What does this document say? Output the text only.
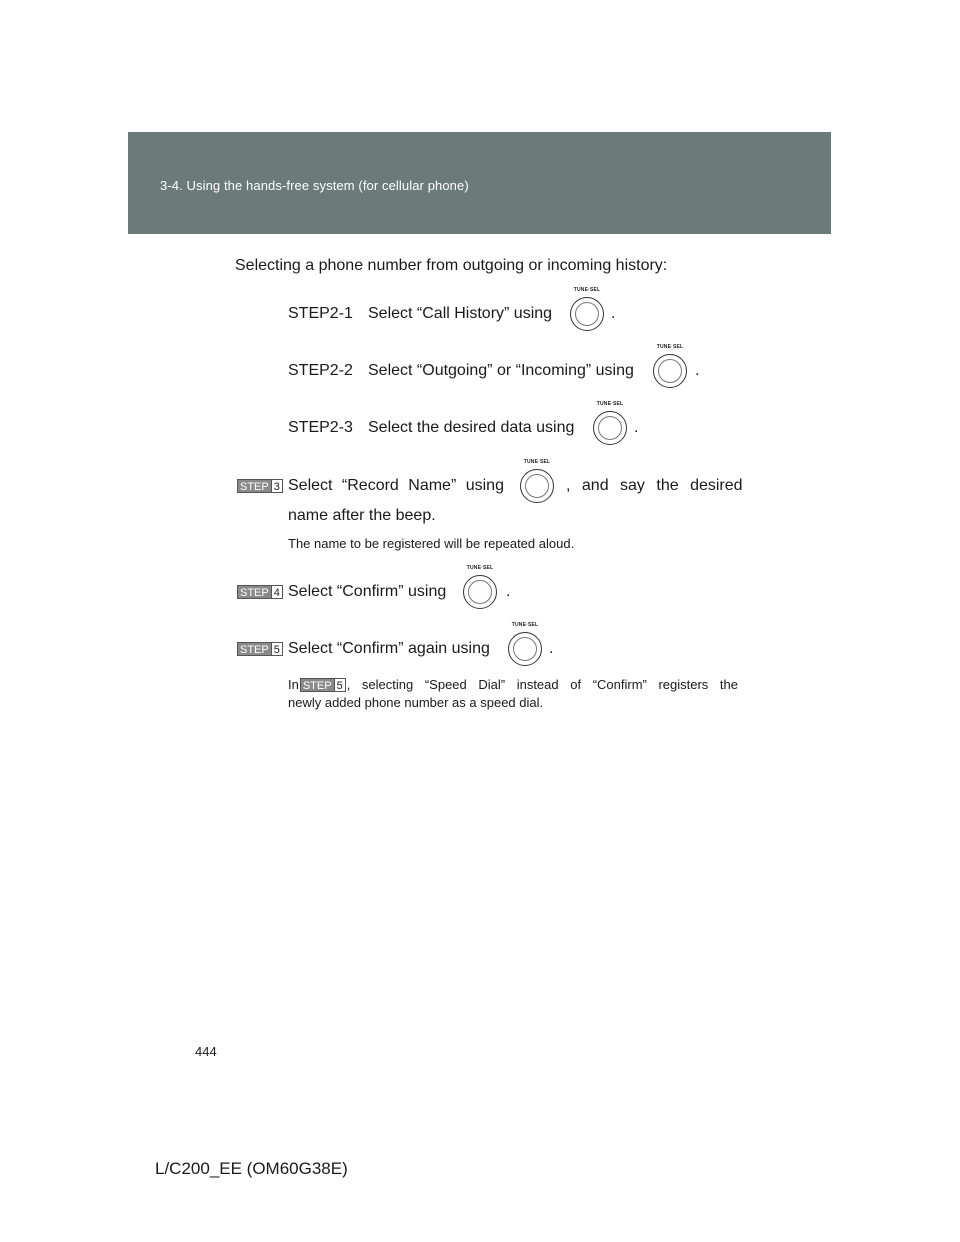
3-4. Using the hands-free system (for cellular phone)
Selecting a phone number from outgoing or incoming history:
STEP2-1 Select “Call History” using
TUNE·SEL
.
STEP2-2 Select “Outgoing” or “Incoming” using
TUNE·SEL
.
STEP2-3 Select the desired data using
TUNE·SEL
.
STEP 3 Select “Record Name” using
TUNE·SEL
, and say the desired
name after the beep.
The name to be registered will be repeated aloud.
STEP 4 Select “Confirm” using
TUNE·SEL
.
STEP 5 Select “Confirm” again using
TUNE·SEL
.
In STEP 5 , selecting “Speed Dial” instead of “Confirm” registers the
newly added phone number as a speed dial.
444
L/C200_EE (OM60G38E)
